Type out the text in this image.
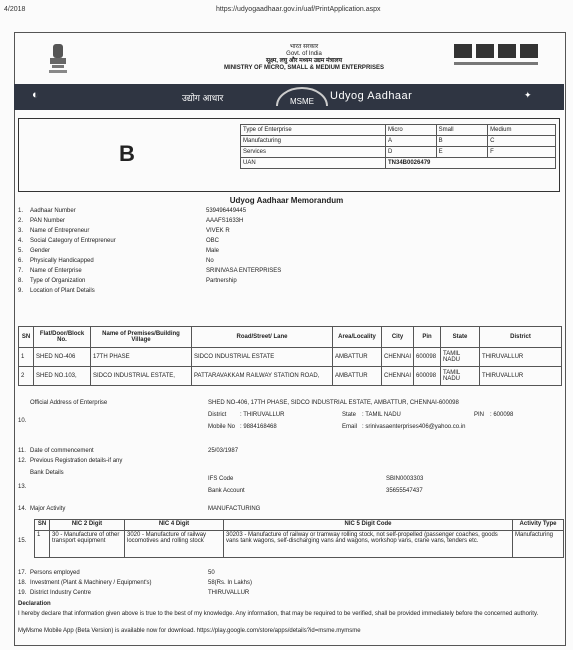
4/2018	https://udyogaadhaar.gov.in/uaf/PrintApplication.aspx
भारत सरकार
Govt. of India
सूक्ष्म, लघु और मध्यम उद्यम मंत्रालय
MINISTRY OF MICRO, SMALL & MEDIUM ENTERPRISES
◐	उद्योग आधार	MSME Udyog Aadhaar	✦
B
Type of Enterprise	Micro	Small	Medium
Manufacturing	A	B	C
Services	D	E	F
UAN	TN34B0026479		
Udyog Aadhaar Memorandum
1.	Aadhaar Number	539496449445
2.	PAN Number	AAAFS1633H
3.	Name of Entrepreneur	VIVEK R
4.	Social Category of Entrepreneur	OBC
5.	Gender	Male
6.	Physically Handicapped	No
7.	Name of Enterprise	SRINIVASA ENTERPRISES
8.	Type of Organization	Partnership
9.	Location of Plant Details
SN	Flat/Door/Block No.	Name of Premises/Building Village	Road/Street/ Lane	Area/Locality	City	Pin	State	District
1	SHED NO-406	17TH PHASE	SIDCO INDUSTRIAL ESTATE	AMBATTUR	CHENNAI	600098	TAMIL NADU	THIRUVALLUR
2	SHED NO.103,	SIDCO INDUSTRIAL ESTATE,	PATTARAVAKKAM RAILWAY STATION ROAD,	AMBATTUR	CHENNAI	600098	TAMIL NADU	THIRUVALLUR
Official Address of Enterprise
10.
SHED NO-406, 17TH PHASE, SIDCO INDUSTRIAL ESTATE, AMBATTUR, CHENNAI-600098
District : THIRUVALLUR	State : TAMIL NADU	PIN : 600098
Mobile No : 9884168468	Email : srinivasaenterprises406@yahoo.co.in
11. Date of commencement	25/03/1987
12. Previous Registration details-if any
Bank Details
13.
IFS Code	SBIN0003303
Bank Account	35655547437
14. Major Activity	MANUFACTURING
15.
SN	NIC 2 Digit	NIC 4 Digit	NIC 5 Digit Code	Activity Type
1	30 - Manufacture of other transport equipment	3020 - Manufacture of railway locomotives and rolling stock	30203 - Manufacture of railway or tramway rolling stock, not self-propelled (passenger coaches, goods vans tank wagons, self-discharging vans and wagons, workshop vans, crane vans, tenders etc.	Manufacturing
17. Persons employed	50
18. Investment (Plant & Machinery / Equipment's)	58(Rs. In Lakhs)
19. District Industry Centre	THIRUVALLUR
Declaration
I hereby declare that information given above is true to the best of my knowledge. Any information, that may be required to be verified, shall be provided immediately before the concerned authority.
MyMsme Mobile App (Beta Version) is available now for download. https://play.google.com/store/apps/details?id=msme.mymsme
